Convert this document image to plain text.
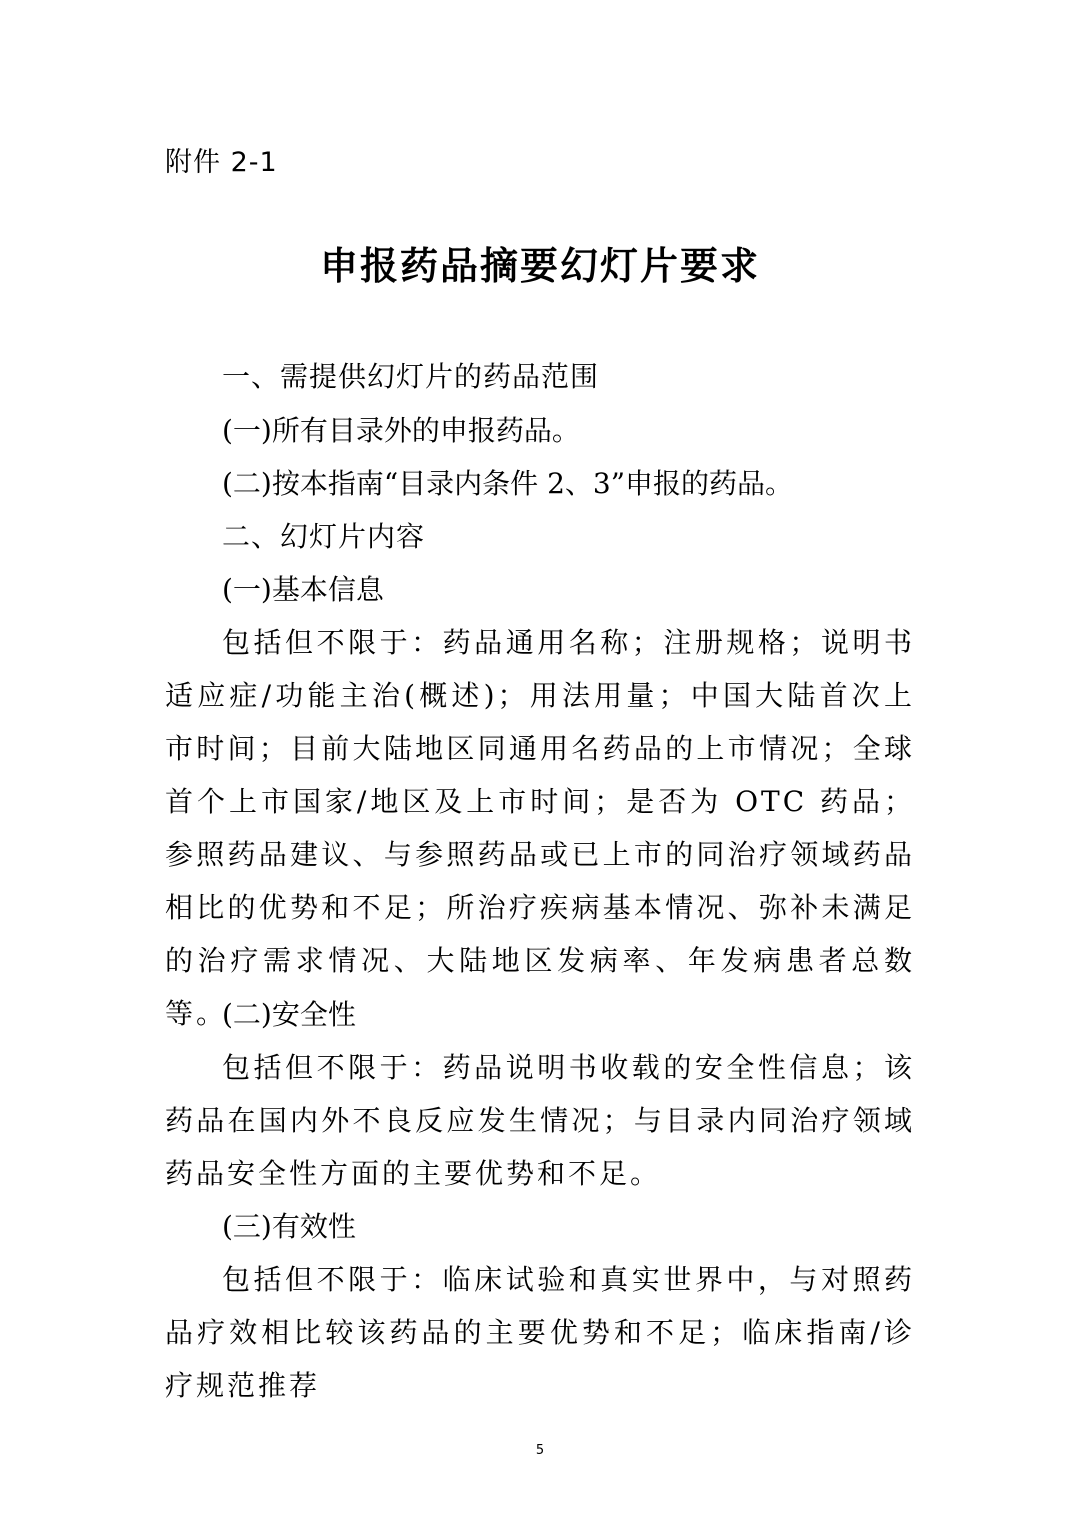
附件 2-1
申报药品摘要幻灯片要求
一、需提供幻灯片的药品范围
(一)所有目录外的申报药品。
(二)按本指南“目录内条件 2、3”申报的药品。
二、幻灯片内容
(一)基本信息

包括但不限于：药品通用名称；注册规格；说明书适应症/功能主治(概述)；用法用量；中国大陆首次上市时间；目前大陆地区同通用名药品的上市情况；全球首个上市国家/地区及上市时间；是否为 OTC 药品；参照药品建议、与参照药品或已上市的同治疗领域药品相比的优势和不足；所治疗疾病基本情况、弥补未满足的治疗需求情况、大陆地区发病率、年发病患者总数等。

(二)安全性

包括但不限于：药品说明书收载的安全性信息；该药品在国内外不良反应发生情况；与目录内同治疗领域药品安全性方面的主要优势和不足。

(三)有效性

包括但不限于：临床试验和真实世界中，与对照药品疗效相比较该药品的主要优势和不足；临床指南/诊疗规范推荐

5
